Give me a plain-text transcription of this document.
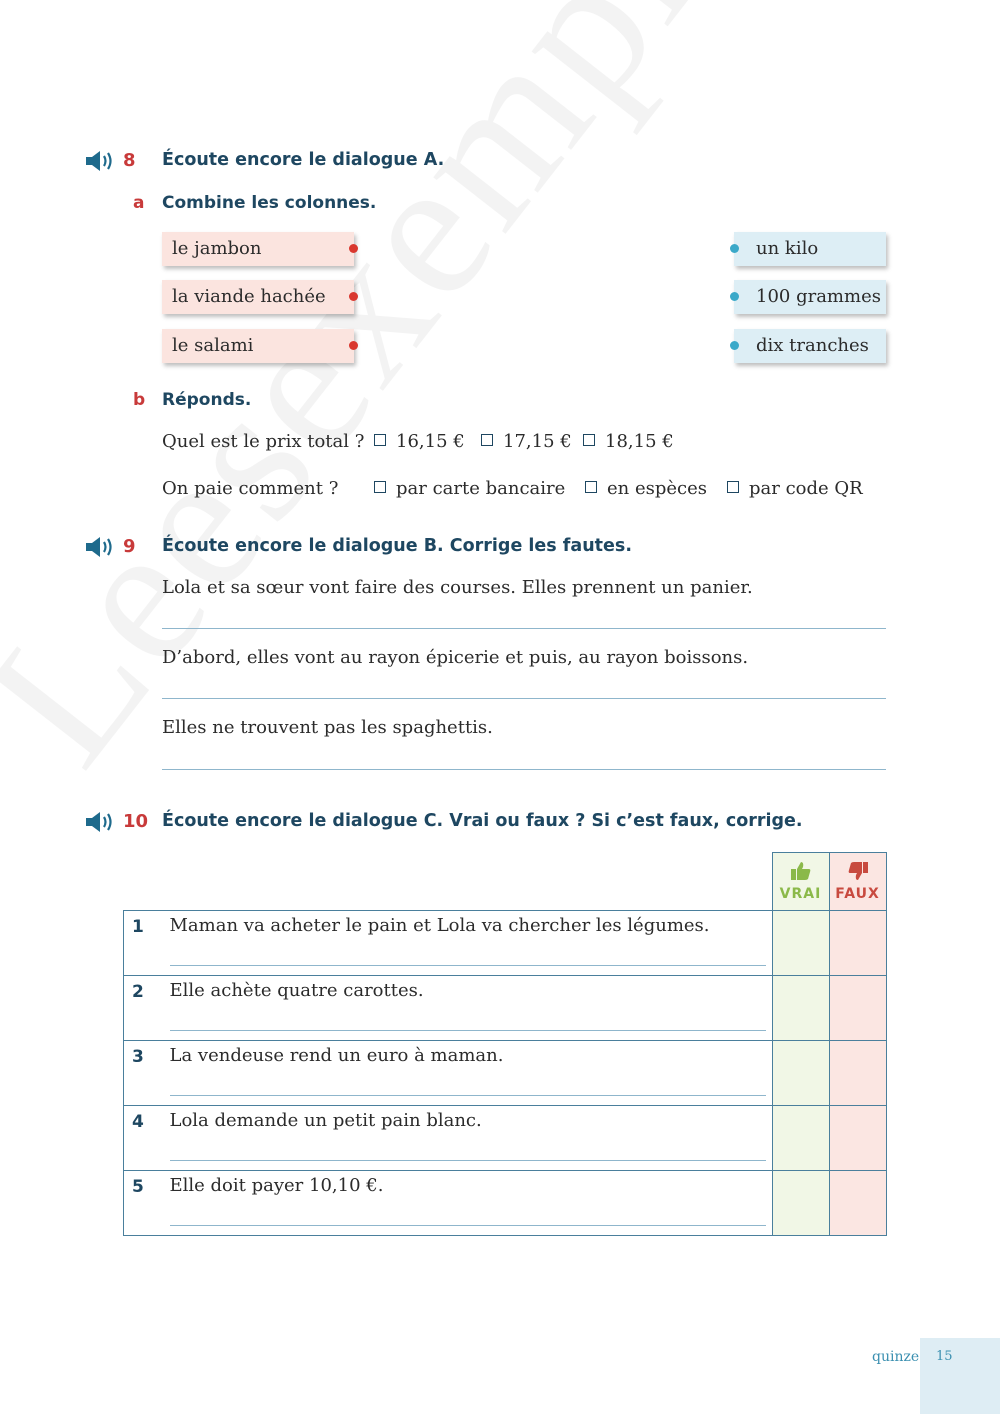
8 Écoute encore le dialogue A.
a Combine les colonnes.
le jambon
la viande hachée
le salami
un kilo
100 grammes
dix tranches
b Réponds.
Quel est le prix total ?	16,15 €	17,15 €	18,15 €
On paie comment ?	par carte bancaire	en espèces	par code QR
9 Écoute encore le dialogue B. Corrige les fautes.
Lola et sa sœur vont faire des courses. Elles prennent un panier.
D’abord, elles vont au rayon épicerie et puis, au rayon boissons.
Elles ne trouvent pas les spaghettis.
10 Écoute encore le dialogue C. Vrai ou faux ? Si c’est faux, corrige.

		VRAI	FAUX

1	Maman va acheter le pain et Lola va chercher les légumes.		

2	Elle achète quatre carottes.		

3	La vendeuse rend un euro à maman.		

4	Lola demande un petit pain blanc.		

5	Elle doit payer 10,10 €.		

quinze 15
